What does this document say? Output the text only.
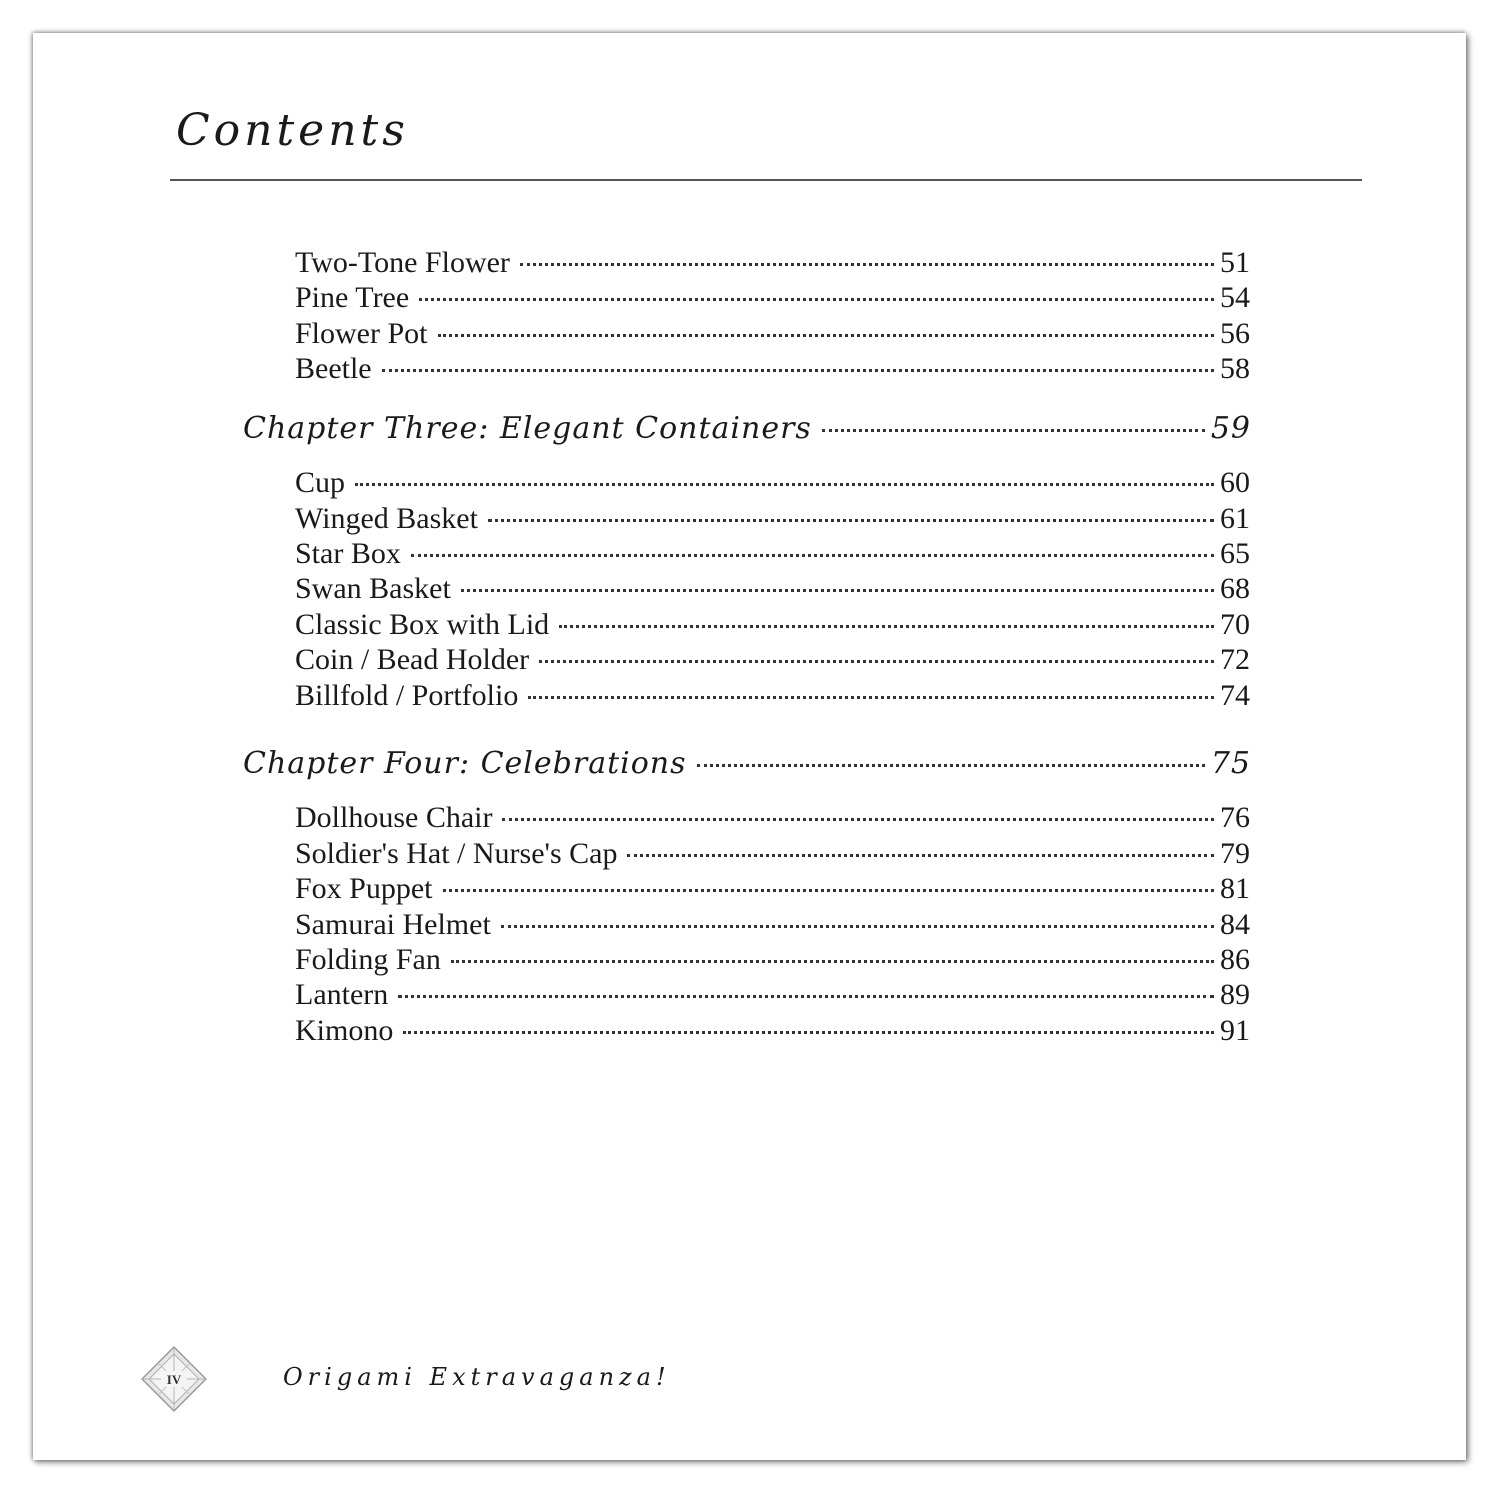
Contents
Two-Tone Flower	51
Pine Tree	54
Flower Pot	56
Beetle	58
Chapter Three: Elegant Containers	59
Cup	60
Winged Basket	61
Star Box	65
Swan Basket	68
Classic Box with Lid	70
Coin / Bead Holder	72
Billfold / Portfolio	74
Chapter Four: Celebrations	75
Dollhouse Chair	76
Soldier's Hat / Nurse's Cap	79
Fox Puppet	81
Samurai Helmet	84
Folding Fan	86
Lantern	89
Kimono	91
IV	Origami Extravaganza!
